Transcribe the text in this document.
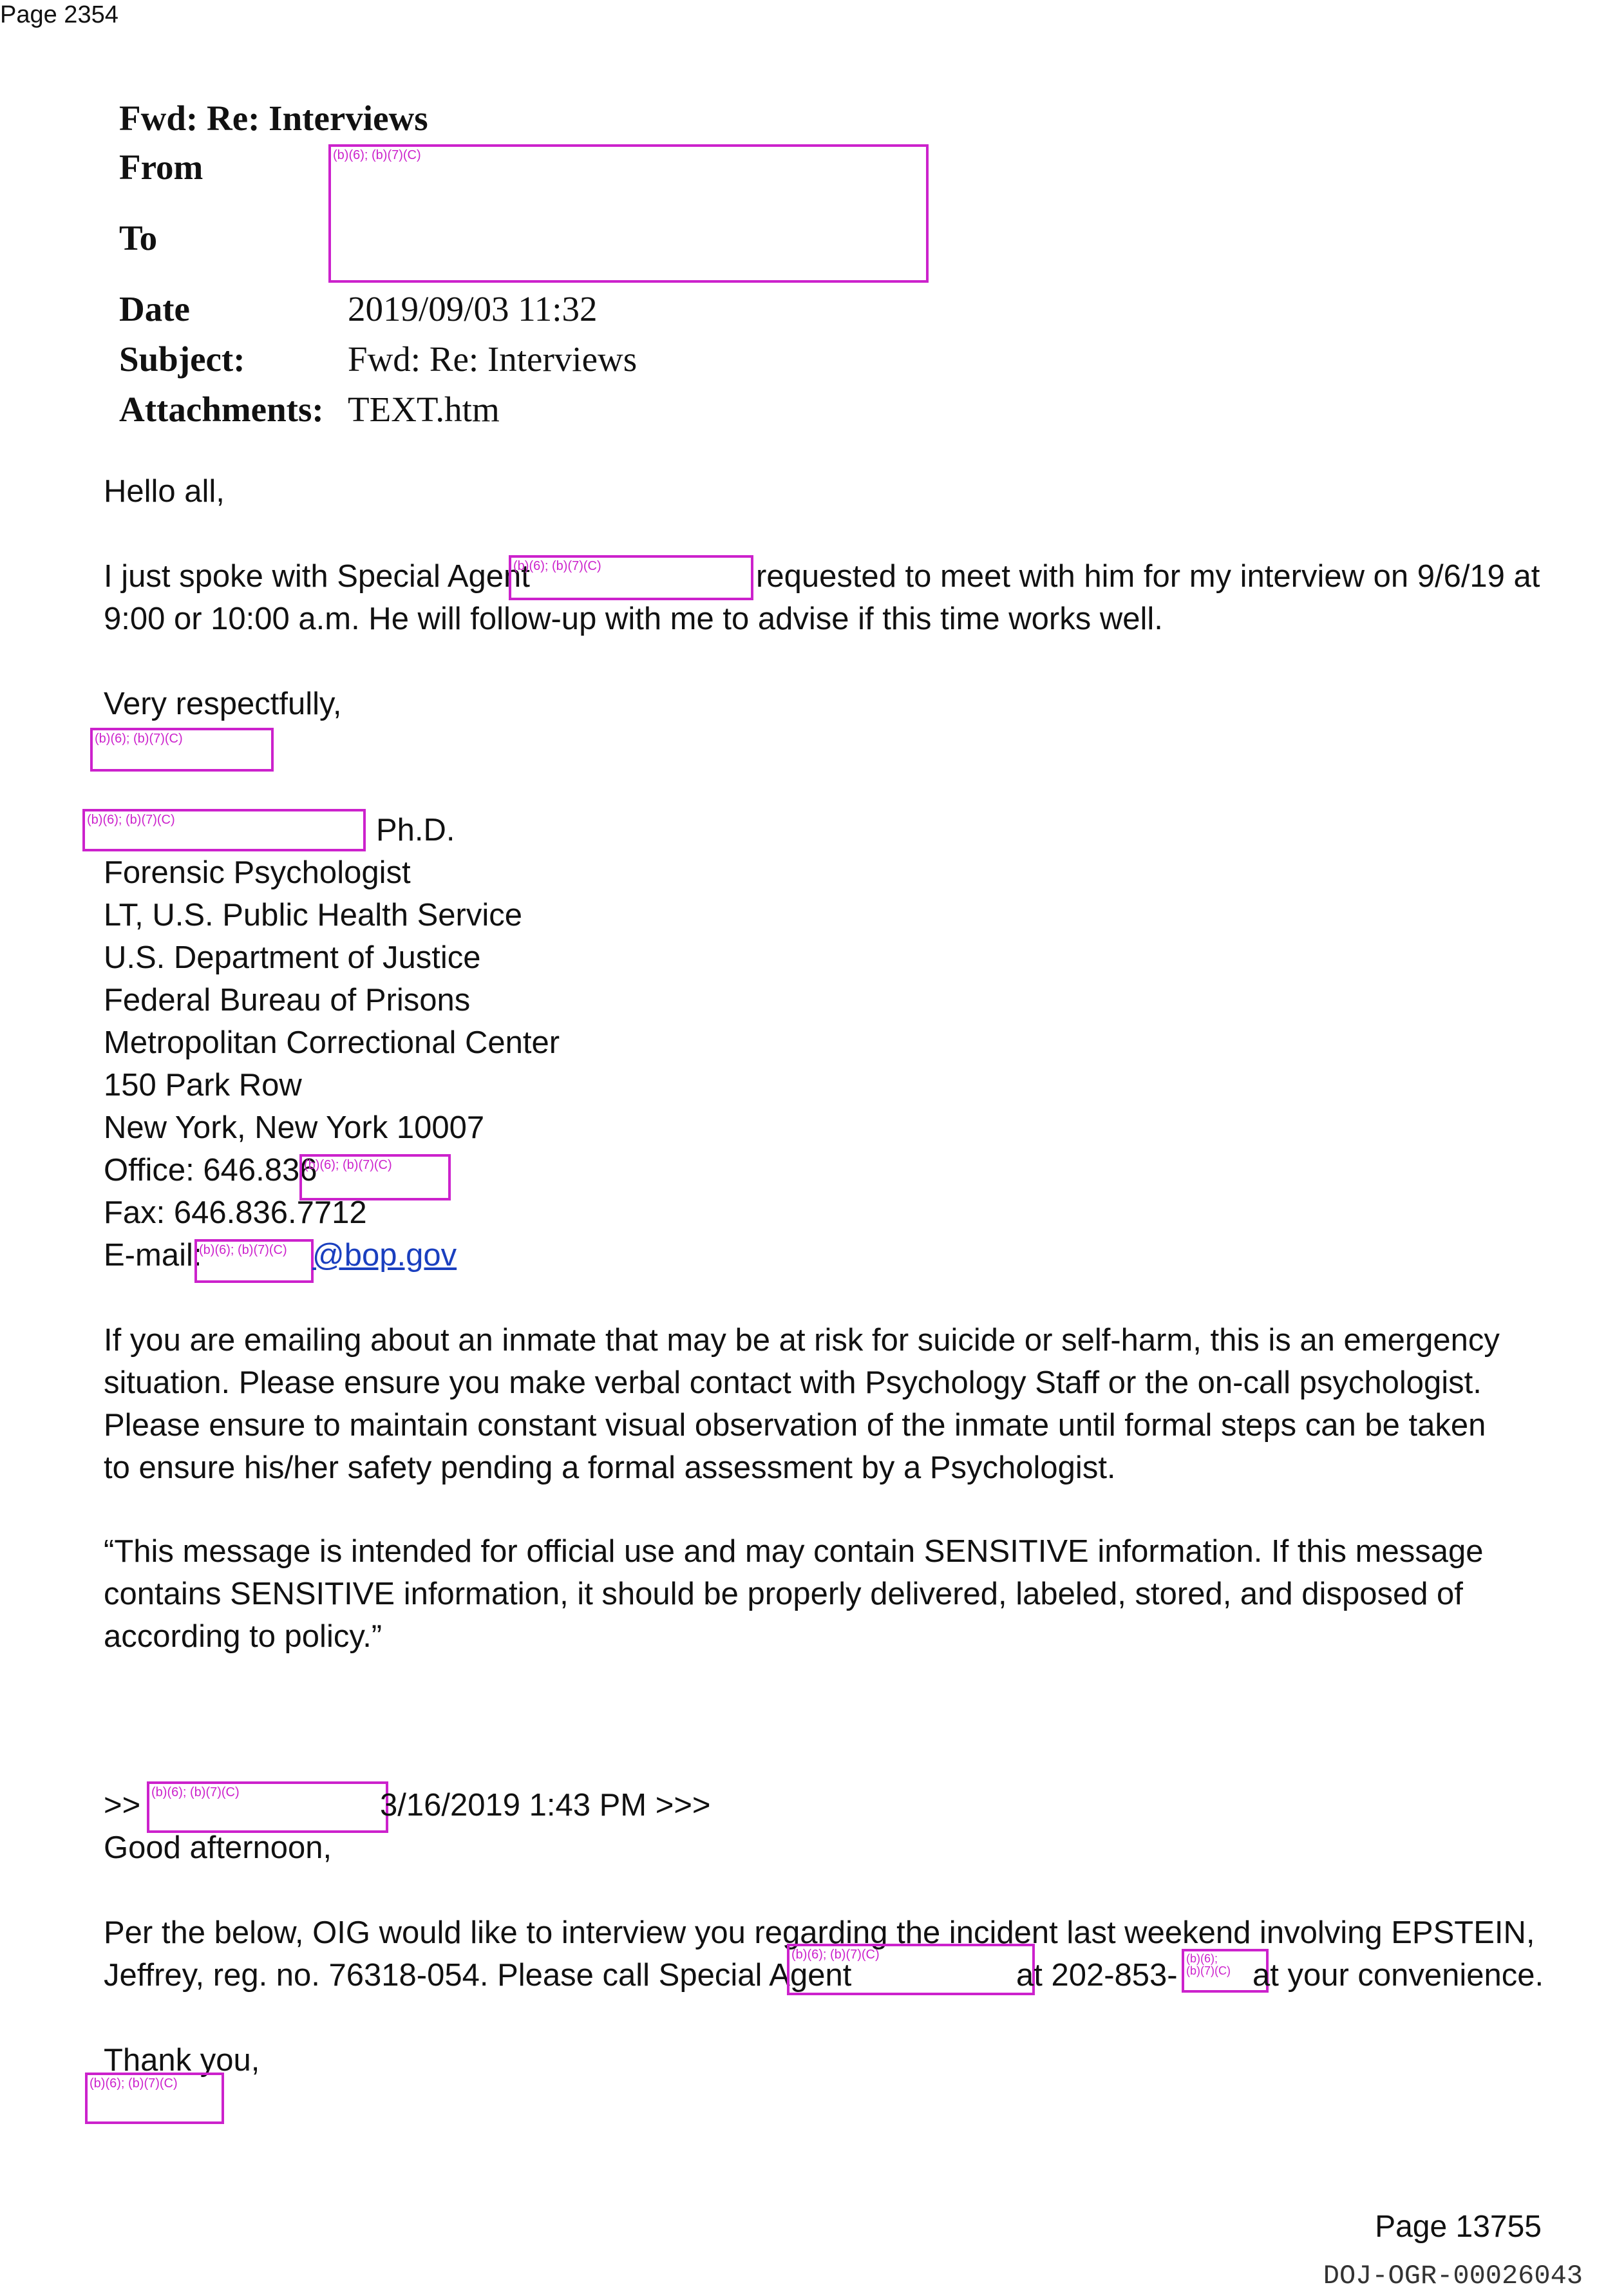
Page 2354
Fwd: Re: Interviews
From
To
Date	2019/09/03 11:32
Subject:	Fwd: Re: Interviews
Attachments: TEXT.htm
(b)(6); (b)(7)(C)
Hello all,
I just spoke with Special Agent
(b)(6); (b)(7)(C)	requested to meet with him for my interview on 9/6/19 at
9:00 or 10:00 a.m. He will follow-up with me to advise if this time works well.
Very respectfully,
(b)(6); (b)(7)(C)
(b)(6); (b)(7)(C)	Ph.D.
Forensic Psychologist
LT, U.S. Public Health Service
U.S. Department of Justice
Federal Bureau of Prisons
Metropolitan Correctional Center
150 Park Row
New York, New York 10007
Office: 646.836
(b)(6); (b)(7)(C)
Fax: 646.836.7712
E-mail:
(b)(6); (b)(7)(C) @bop.gov
If you are emailing about an inmate that may be at risk for suicide or self-harm, this is an emergency situation. Please ensure you make verbal contact with Psychology Staff or the on-call psychologist. Please ensure to maintain constant visual observation of the inmate until formal steps can be taken to ensure his/her safety pending a formal assessment by a Psychologist.
“This message is intended for official use and may contain SENSITIVE information. If this message contains SENSITIVE information, it should be properly delivered, labeled, stored, and disposed of according to policy.”
>> (b)(6); (b)(7)(C)	3/16/2019 1:43 PM >>>
Good afternoon,
Per the below, OIG would like to interview you regarding the incident last weekend involving EPSTEIN,
Jeffrey, reg. no. 76318-054. Please call Special Agent
(b)(6); (b)(7)(C)
at 202-853- (b)(6);
(b)(7)(C) at your convenience.
Thank you,
(b)(6); (b)(7)(C)
Page 13755
DOJ-OGR-00026043
